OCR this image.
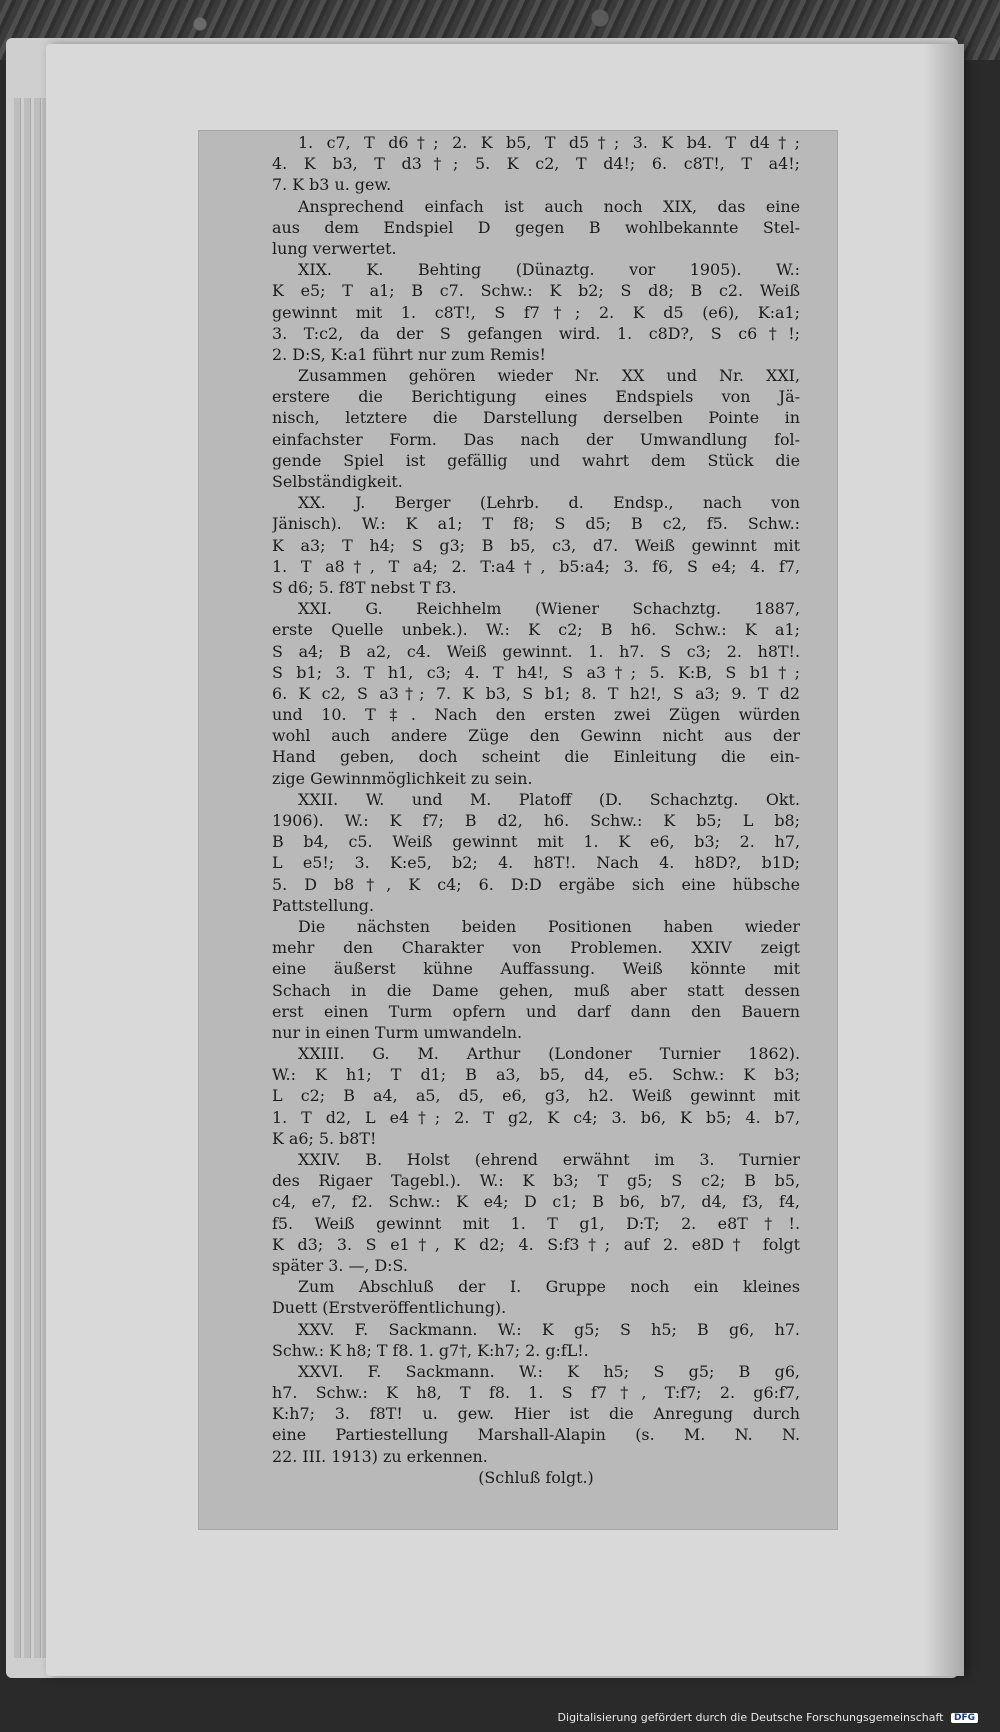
1. c7, T d6†; 2. K b5, T d5†; 3. K b4. T d4†;
4. K b3, T d3†; 5. K c2, T d4!; 6. c8T!, T a4!;
7. K b3 u. gew.
Ansprechend einfach ist auch noch XIX, das eine
aus dem Endspiel D gegen B wohlbekannte Stel-
lung verwertet.
XIX. K. Behting (Dünaztg. vor 1905). W.:
K e5; T a1; B c7. Schw.: K b2; S d8; B c2. Weiß
gewinnt mit 1. c8T!, S f7†; 2. K d5 (e6), K:a1;
3. T:c2, da der S gefangen wird. 1. c8D?, S c6†!;
2. D:S, K:a1 führt nur zum Remis!
Zusammen gehören wieder Nr. XX und Nr. XXI,
erstere die Berichtigung eines Endspiels von Jä-
nisch, letztere die Darstellung derselben Pointe in
einfachster Form. Das nach der Umwandlung fol-
gende Spiel ist gefällig und wahrt dem Stück die
Selbständigkeit.
XX. J. Berger (Lehrb. d. Endsp., nach von
Jänisch). W.: K a1; T f8; S d5; B c2, f5. Schw.:
K a3; T h4; S g3; B b5, c3, d7. Weiß gewinnt mit
1. T a8†, T a4; 2. T:a4†, b5:a4; 3. f6, S e4; 4. f7,
S d6; 5. f8T nebst T f3.
XXI. G. Reichhelm (Wiener Schachztg. 1887,
erste Quelle unbek.). W.: K c2; B h6. Schw.: K a1;
S a4; B a2, c4. Weiß gewinnt. 1. h7. S c3; 2. h8T!.
S b1; 3. T h1, c3; 4. T h4!, S a3†; 5. K:B, S b1†;
6. K c2, S a3†; 7. K b3, S b1; 8. T h2!, S a3; 9. T d2
und 10. T‡. Nach den ersten zwei Zügen würden
wohl auch andere Züge den Gewinn nicht aus der
Hand geben, doch scheint die Einleitung die ein-
zige Gewinnmöglichkeit zu sein.
XXII. W. und M. Platoff (D. Schachztg. Okt.
1906). W.: K f7; B d2, h6. Schw.: K b5; L b8;
B b4, c5. Weiß gewinnt mit 1. K e6, b3; 2. h7,
L e5!; 3. K:e5, b2; 4. h8T!. Nach 4. h8D?, b1D;
5. D b8†, K c4; 6. D:D ergäbe sich eine hübsche
Pattstellung.
Die nächsten beiden Positionen haben wieder
mehr den Charakter von Problemen. XXIV zeigt
eine äußerst kühne Auffassung. Weiß könnte mit
Schach in die Dame gehen, muß aber statt dessen
erst einen Turm opfern und darf dann den Bauern
nur in einen Turm umwandeln.
XXIII. G. M. Arthur (Londoner Turnier 1862).
W.: K h1; T d1; B a3, b5, d4, e5. Schw.: K b3;
L c2; B a4, a5, d5, e6, g3, h2. Weiß gewinnt mit
1. T d2, L e4†; 2. T g2, K c4; 3. b6, K b5; 4. b7,
K a6; 5. b8T!
XXIV. B. Holst (ehrend erwähnt im 3. Turnier
des Rigaer Tagebl.). W.: K b3; T g5; S c2; B b5,
c4, e7, f2. Schw.: K e4; D c1; B b6, b7, d4, f3, f4,
f5. Weiß gewinnt mit 1. T g1, D:T; 2. e8T†!.
K d3; 3. S e1†, K d2; 4. S:f3†; auf 2. e8D† folgt
später 3. —, D:S.
Zum Abschluß der I. Gruppe noch ein kleines
Duett (Erstveröffentlichung).
XXV. F. Sackmann. W.: K g5; S h5; B g6, h7.
Schw.: K h8; T f8. 1. g7†, K:h7; 2. g:fL!.
XXVI. F. Sackmann. W.: K h5; S g5; B g6,
h7. Schw.: K h8, T f8. 1. S f7†, T:f7; 2. g6:f7,
K:h7; 3. f8T! u. gew. Hier ist die Anregung durch
eine Partiestellung Marshall-Alapin (s. M. N. N.
22. III. 1913) zu erkennen.
(Schluß folgt.)
Digitalisierung gefördert durch die Deutsche Forschungsgemeinschaft DFG
